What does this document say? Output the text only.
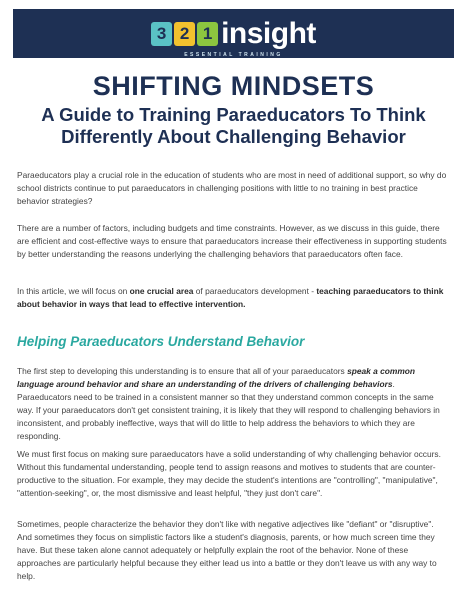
3 2 1 insight
ESSENTIAL TRAINING
SHIFTING MINDSETS

A Guide to Training Paraeducators To Think Differently About Challenging Behavior

Paraeducators play a crucial role in the education of students who are most in need of additional support, so why do school districts continue to put paraeducators in challenging positions with little to no training in best practice behavior strategies?

There are a number of factors, including budgets and time constraints. However, as we discuss in this guide, there are efficient and cost-effective ways to ensure that paraeducators increase their effectiveness in supporting students by better understanding the reasons underlying the challenging behaviors that paraeducators often face.

In this article, we will focus on one crucial area of paraeducators development - teaching paraeducators to think about behavior in ways that lead to effective intervention.

Helping Paraeducators Understand Behavior

The first step to developing this understanding is to ensure that all of your paraeducators speak a common language around behavior and share an understanding of the drivers of challenging behaviors. Paraeducators need to be trained in a consistent manner so that they understand common concepts in the same way. If your paraeducators don't get consistent training, it is likely that they will respond to challenging behaviors in inconsistent, and probably ineffective, ways that will do little to help address the behaviors to which they are responding.

We must first focus on making sure paraeducators have a solid understanding of why challenging behavior occurs. Without this fundamental understanding, people tend to assign reasons and motives to students that are counter-productive to the situation. For example, they may decide the student's intentions are "controlling", "manipulative", "attention-seeking", or, the most dismissive and least helpful, "they just don't care".

Sometimes, people characterize the behavior they don't like with negative adjectives like "defiant" or "disruptive". And sometimes they focus on simplistic factors like a student's diagnosis, parents, or how much screen time they have. But these taken alone cannot adequately or helpfully explain the root of the behavior. None of these approaches are particularly helpful because they either lead us into a battle or they don't leave us with any way to help.
